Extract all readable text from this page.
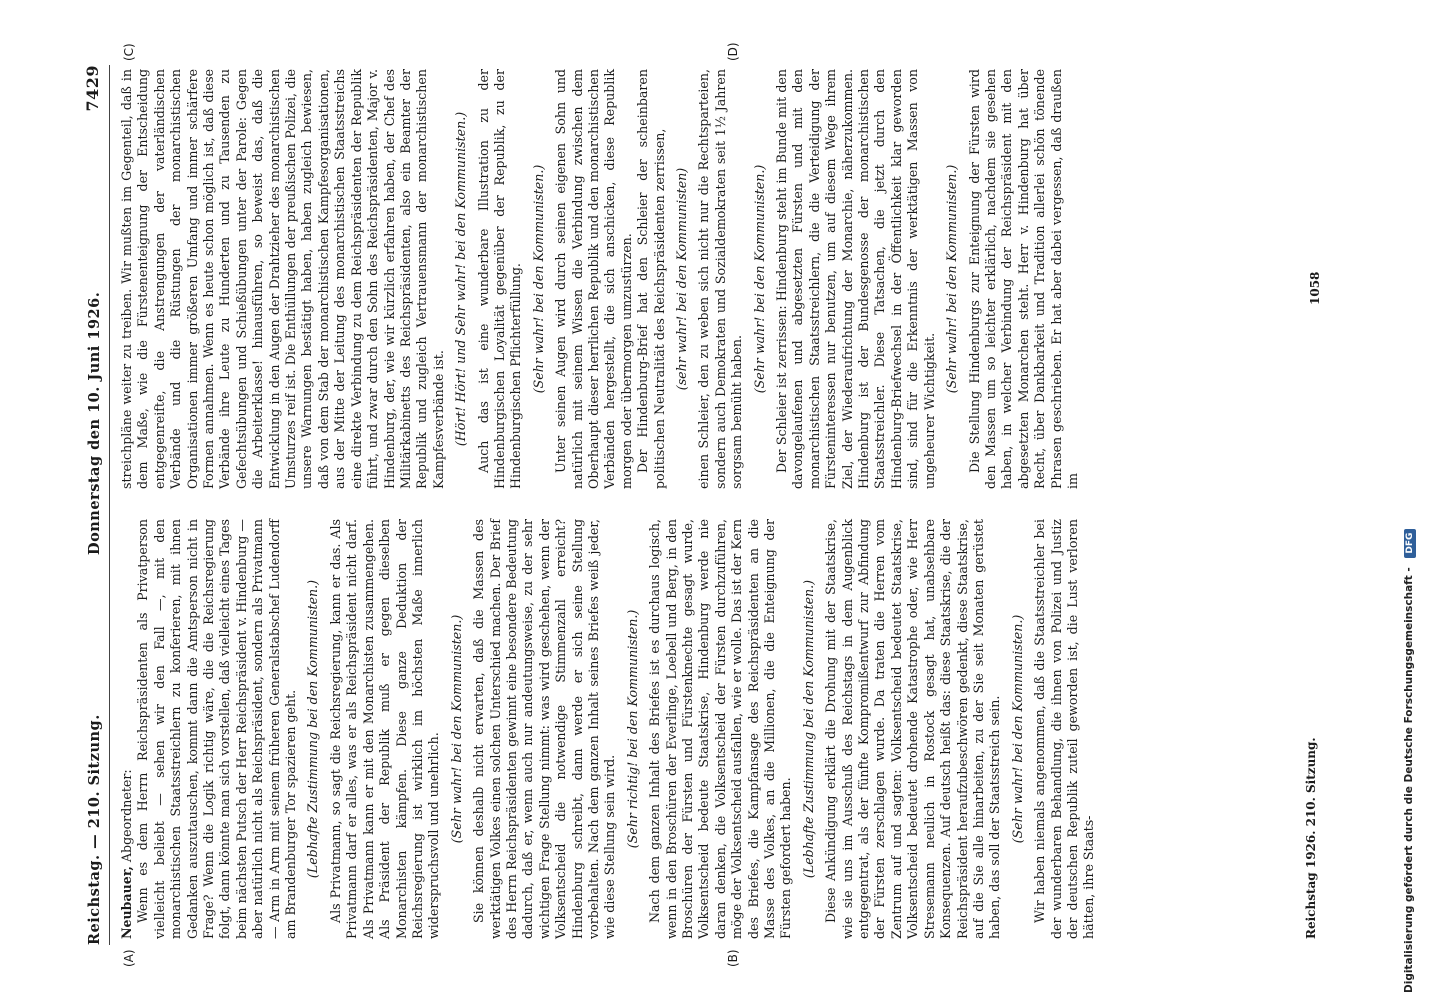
Reichstag. — 210. Sitzung.
Donnerstag den 10. Juni 1926.
7429
(A)	(B)
(C)	(D)

Neubauer, Abgeordneter: Wenn es dem Herrn Reichspräsidenten als Privatperson vielleicht beliebt — sehen wir den Fall —, mit den monarchistischen Staatsstreichlern zu konferieren, mit ihnen Gedanken auszutauschen, kommt dann die Amtsperson nicht in Frage? Wenn die Logik richtig wäre, die die Reichsregierung folgt, dann könnte man sich vorstellen, daß vielleicht eines Tages beim nächsten Putsch der Herr Reichspräsident v. Hindenburg — aber natürlich nicht als Reichspräsident, sondern als Privatmann — Arm in Arm mit seinem früheren Generalstabschef Ludendorff am Brandenburger Tor spazieren geht. (Lebhafte Zustimmung bei den Kommunisten.) Als Privatmann, so sagt die Reichsregierung, kann er das. Als Privatmann darf er alles, was er als Reichspräsident nicht darf. Als Privatmann kann er mit den Monarchisten zusammengehen. Als Präsident der Republik muß er gegen dieselben Monarchisten kämpfen. Diese ganze Deduktion der Reichsregierung ist wirklich im höchsten Maße innerlich widerspruchsvoll und unehrlich. (Sehr wahr! bei den Kommunisten.) Sie können deshalb nicht erwarten, daß die Massen des werktätigen Volkes einen solchen Unterschied machen. Der Brief des Herrn Reichspräsidenten gewinnt eine besondere Bedeutung dadurch, daß er, wenn auch nur andeutungsweise, zu der sehr wichtigen Frage Stellung nimmt: was wird geschehen, wenn der Volksentscheid die notwendige Stimmenzahl erreicht? Hindenburg schreibt, dann werde er sich seine Stellung vorbehalten. Nach dem ganzen Inhalt seines Briefes weiß jeder, wie diese Stellung sein wird. (Sehr richtig! bei den Kommunisten.) Nach dem ganzen Inhalt des Briefes ist es durchaus logisch, wenn in den Broschüren der Everlinge, Loebell und Berg, in den Broschüren der Fürsten und Fürstenknechte gesagt wurde, Volksentscheid bedeute Staatskrise, Hindenburg werde nie daran denken, die Volksentscheid der Fürsten durchzuführen, möge der Volksentscheid ausfallen, wie er wolle. Das ist der Kern des Briefes, die Kampfansage des Reichspräsidenten an die Masse des Volkes, an die Millionen, die die Enteignung der Fürsten gefordert haben. (Lebhafte Zustimmung bei den Kommunisten.) Diese Ankündigung erklärt die Drohung mit der Staatskrise, wie sie uns im Ausschuß des Reichstags in dem Augenblick entgegentrat, als der fünfte Kompromißentwurf zur Abfindung der Fürsten zerschlagen wurde. Da traten die Herren vom Zentrum auf und sagten: Volksentscheid bedeutet Staatskrise, Volksentscheid bedeutet drohende Katastrophe oder, wie Herr Stresemann neulich in Rostock gesagt hat, unabsehbare Konsequenzen. Auf deutsch heißt das: diese Staatskrise, die der Reichspräsident heraufzubeschwören gedenkt, diese Staatskrise, auf die Sie alle hinarbeiten, zu der Sie seit Monaten gerüstet haben, das soll der Staatsstreich sein. (Sehr wahr! bei den Kommunisten.) Wir haben niemals angenommen, daß die Staatsstreichler bei der wunderbaren Behandlung, die ihnen von Polizei und Justiz der deutschen Republik zuteil geworden ist, die Lust verloren hätten, ihre Staats-

streichpläne weiter zu treiben. Wir mußten im Gegenteil, daß in dem Maße, wie die Fürstenenteignung der Entscheidung entgegenreifte, die Anstrengungen der vaterländischen Verbände und die Rüstungen der monarchistischen Organisationen immer größeren Umfang und immer schärfere Formen annahmen. Wenn es heute schon möglich ist, daß diese Verbände ihre Leute zu Hunderten und zu Tausenden zu Gefechtsübungen und Schießübungen unter der Parole: Gegen die Arbeiterklasse! hinausführen, so beweist das, daß die Entwicklung in den Augen der Drahtzieher des monarchistischen Umsturzes reif ist. Die Enthüllungen der preußischen Polizei, die unsere Warnungen bestätigt haben, haben zugleich bewiesen, daß von dem Stab der monarchistischen Kampfesorganisationen, aus der Mitte der Leitung des monarchistischen Staatsstreichs eine direkte Verbindung zu dem Reichspräsidenten der Republik führt, und zwar durch den Sohn des Reichspräsidenten, Major v. Hindenburg, der, wie wir kürzlich erfahren haben, der Chef des Militärkabinetts des Reichspräsidenten, also ein Beamter der Republik und zugleich Vertrauensmann der monarchistischen Kampfesverbände ist. (Hört! Hört! und Sehr wahr! bei den Kommunisten.) Auch das ist eine wunderbare Illustration zu der Hindenburgischen Loyalität gegenüber der Republik, zu der Hindenburgischen Pflichterfüllung. (Sehr wahr! bei den Kommunisten.) Unter seinen Augen wird durch seinen eigenen Sohn und natürlich mit seinem Wissen die Verbindung zwischen dem Oberhaupt dieser herrlichen Republik und den monarchistischen Verbänden hergestellt, die sich anschicken, diese Republik morgen oder übermorgen umzustürzen. Der Hindenburg-Brief hat den Schleier der scheinbaren politischen Neutralität des Reichspräsidenten zerrissen, (sehr wahr! bei den Kommunisten) einen Schleier, den zu weben sich nicht nur die Rechtsparteien, sondern auch Demokraten und Sozialdemokraten seit 1½ Jahren sorgsam bemüht haben.

(Sehr wahr! bei den Kommunisten.) Der Schleier ist zerrissen: Hindenburg steht im Bunde mit den davongelaufenen und abgesetzten Fürsten und mit den monarchistischen Staatsstreichlern, die die Verteidigung der Fürsteninteressen nur benutzen, um auf diesem Wege ihrem Ziel, der Wiederaufrichtung der Monarchie, näherzukommen. Hindenburg ist der Bundesgenosse der monarchistischen Staatsstreichler. Diese Tatsachen, die jetzt durch den Hindenburg-Briefwechsel in der Öffentlichkeit klar geworden sind, sind für die Erkenntnis der werktätigen Massen von ungeheurer Wichtigkeit.

(Sehr wahr! bei den Kommunisten.) Die Stellung Hindenburgs zur Enteignung der Fürsten wird den Massen um so leichter erklärlich, nachdem sie gesehen haben, in welcher Verbindung der Reichspräsident mit den abgesetzten Monarchen steht. Herr v. Hindenburg hat über Recht, über Dankbarkeit und Tradition allerlei schön tönende Phrasen geschrieben. Er hat aber dabei vergessen, daß draußen im

Reichstag 1926. 210. Sitzung.
1058
Digitalisierung gefördert durch die Deutsche Forschungsgemeinschaft - DFG
